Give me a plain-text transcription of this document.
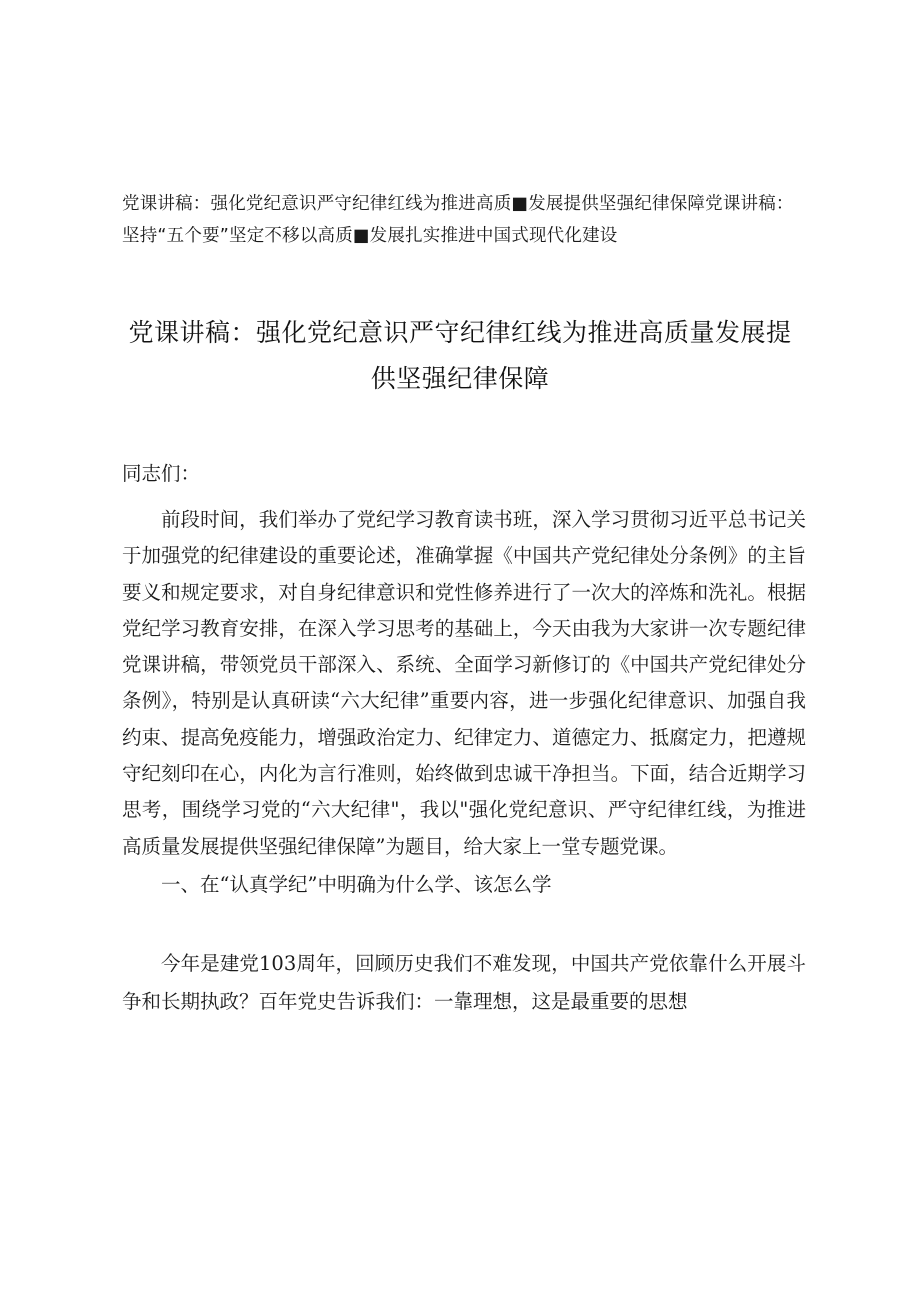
党课讲稿：强化党纪意识严守纪律红线为推进高质■发展提供坚强纪律保障党课讲稿：坚持“五个要”坚定不移以高质■发展扎实推进中国式现代化建设
党课讲稿：强化党纪意识严守纪律红线为推进高质量发展提供坚强纪律保障

同志们：

前段时间，我们举办了党纪学习教育读书班，深入学习贯彻习近平总书记关于加强党的纪律建设的重要论述，准确掌握《中国共产党纪律处分条例》的主旨要义和规定要求，对自身纪律意识和党性修养进行了一次大的淬炼和洗礼。根据党纪学习教育安排，在深入学习思考的基础上，今天由我为大家讲一次专题纪律党课讲稿，带领党员干部深入、系统、全面学习新修订的《中国共产党纪律处分条例》，特别是认真研读“六大纪律”重要内容，进一步强化纪律意识、加强自我约束、提高免疫能力，增强政治定力、纪律定力、道德定力、抵腐定力，把遵规守纪刻印在心，内化为言行准则，始终做到忠诚干净担当。下面，结合近期学习思考，围绕学习党的“六大纪律"，我以"强化党纪意识、严守纪律红线，为推进高质量发展提供坚强纪律保障”为题目，给大家上一堂专题党课。

一、在“认真学纪”中明确为什么学、该怎么学

今年是建党103周年，回顾历史我们不难发现，中国共产党依靠什么开展斗争和长期执政？百年党史告诉我们：一靠理想，这是最重要的思想
